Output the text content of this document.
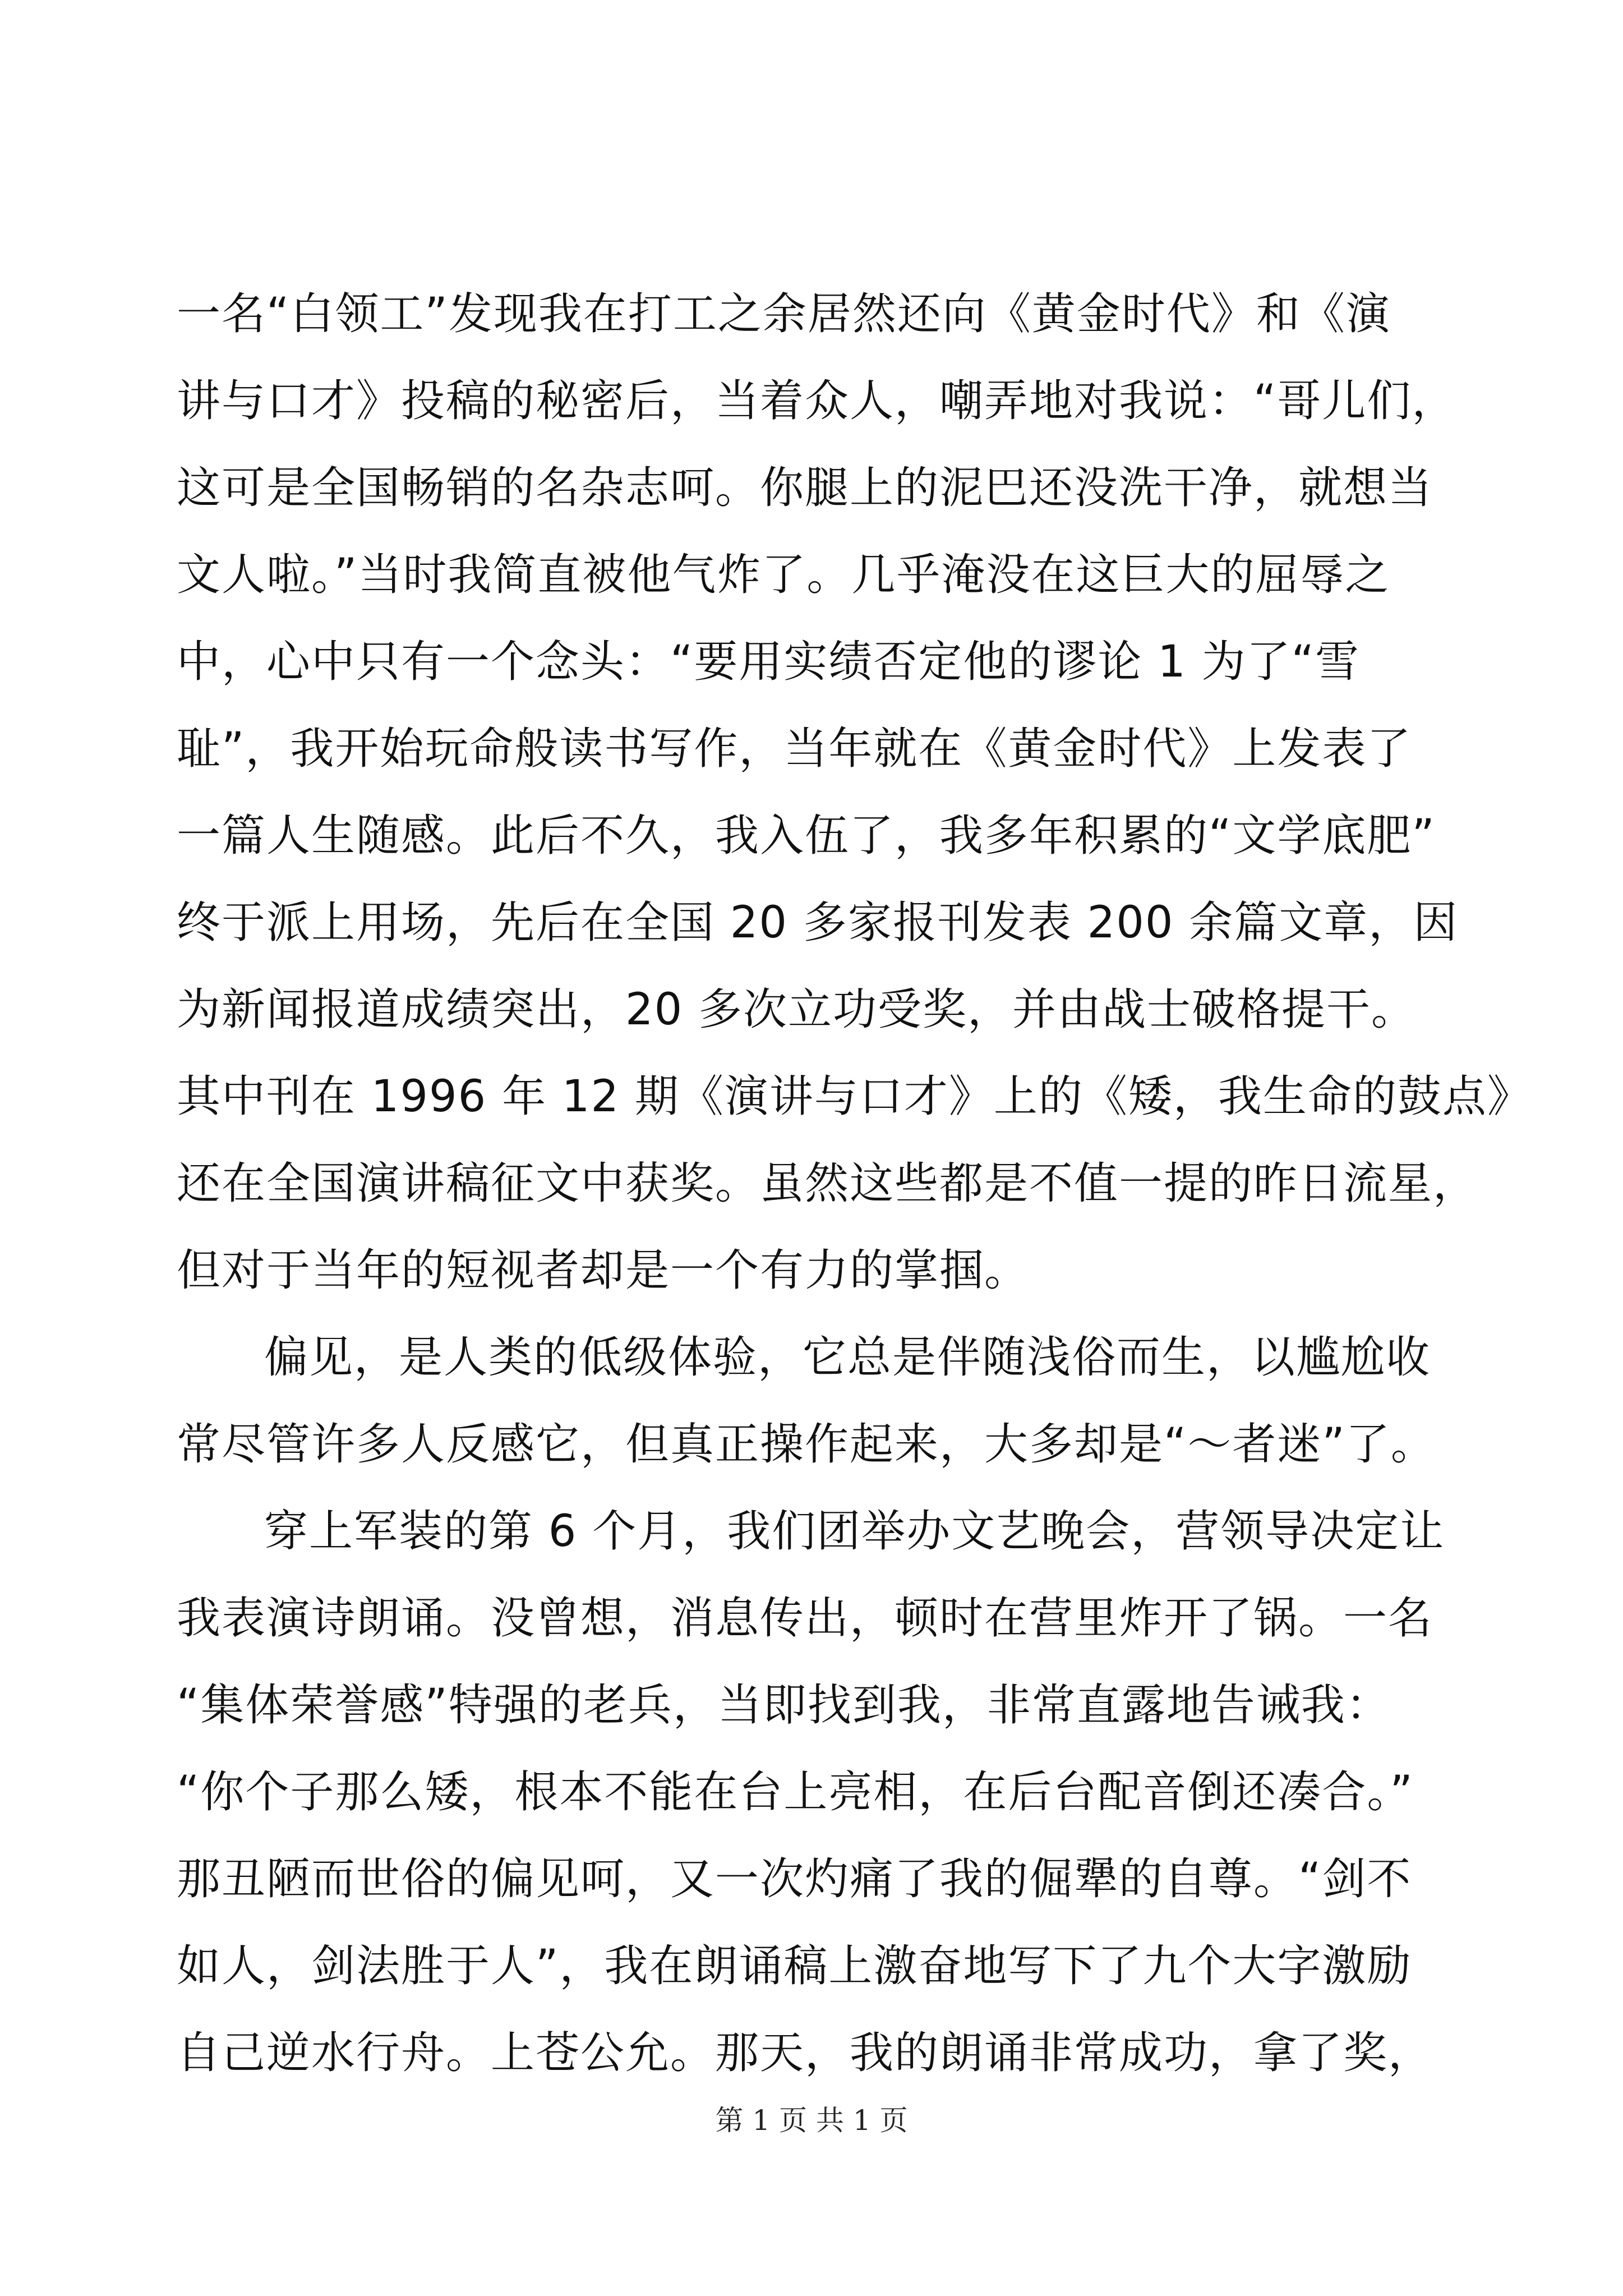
一名“白领工”发现我在打工之余居然还向《黄金时代》和《演
讲与口才》投稿的秘密后，当着众人，嘲弄地对我说：“哥儿们，
这可是全国畅销的名杂志呵。你腿上的泥巴还没洗干净，就想当
文人啦。”当时我简直被他气炸了。几乎淹没在这巨大的屈辱之
中，心中只有一个念头：“要用实绩否定他的谬论 1 为了“雪
耻”，我开始玩命般读书写作，当年就在《黄金时代》上发表了
一篇人生随感。此后不久，我入伍了，我多年积累的“文学底肥”
终于派上用场，先后在全国 20 多家报刊发表 200 余篇文章，因
为新闻报道成绩突出，20 多次立功受奖，并由战士破格提干。
其中刊在 1996 年 12 期《演讲与口才》上的《矮，我生命的鼓点》
还在全国演讲稿征文中获奖。虽然这些都是不值一提的昨日流星，
但对于当年的短视者却是一个有力的掌掴。
偏见，是人类的低级体验，它总是伴随浅俗而生，以尴尬收
常尽管许多人反感它，但真正操作起来，大多却是“～者迷”了。
穿上军装的第 6 个月，我们团举办文艺晚会，营领导决定让
我表演诗朗诵。没曾想，消息传出，顿时在营里炸开了锅。一名
“集体荣誉感”特强的老兵，当即找到我，非常直露地告诫我：
“你个子那么矮，根本不能在台上亮相，在后台配音倒还凑合。”
那丑陋而世俗的偏见呵，又一次灼痛了我的倔犟的自尊。“剑不
如人，剑法胜于人”，我在朗诵稿上激奋地写下了九个大字激励
自己逆水行舟。上苍公允。那天，我的朗诵非常成功，拿了奖，
第 1 页 共 1 页
